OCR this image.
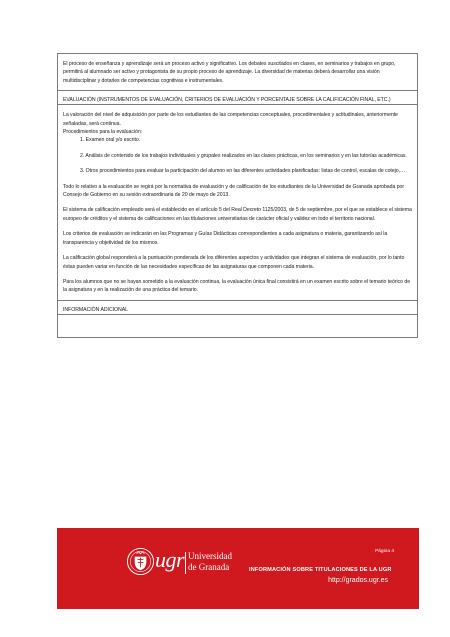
El proceso de enseñanza y aprendizaje será un proceso activo y significativo. Los debates suscitados en clases, en seminarios y trabajos en grupo, permitirá al alumnado ser activo y protagonista de su propio proceso de aprendizaje. La diversidad de materias deberá desarrollar una visión multidisciplinar y dotarles de competencias cognitivas e instrumentales.

EVALUACIÓN (INSTRUMENTOS DE EVALUACIÓN, CRITERIOS DE EVALUACIÓN Y PORCENTAJE SOBRE LA CALIFICACIÓN FINAL, ETC.)

La valoración del nivel de adquisición por parte de los estudiantes de las competencias conceptuales, procedimentales y actitudinales, anteriormente señaladas, será continua.

Procedimientos para la evaluación:

1. Examen oral y/o escrito.

2. Análisis de contenido de los trabajos individuales y grupales realizados en las clases prácticas, en los seminarios y en las tutorías académicas.

3. Otros procedimientos para evaluar la participación del alumno en las diferentes actividades planificadas: listas de control, escalas de cotejo,…

Todo lo relativo a la evaluación se regirá por la normativa de evaluación y de calificación de los estudiantes de la Universidad de Granada aprobada por Consejo de Gobierno en su sesión extraordinaria de 20 de mayo de 2013.

El sistema de calificación empleado será el establecido en el artículo 5 del Real Decreto 1125/2003, de 5 de septiembre, por el que se establece el sistema europeo de créditos y el sistema de calificaciones en las titulaciones universitarias de carácter oficial y validez en todo el territorio nacional.

Los criterios de evaluación se indicarán en las Programas y Guías Didácticas correspondientes a cada asignatura o materia, garantizando así la transparencia y objetividad de los mismos.

La calificación global responderá a la puntuación ponderada de los diferentes aspectos y actividades que integran el sistema de evaluación, por lo tanto éstas pueden variar en función de las necesidades específicas de las asignaturas que componen cada materia.

Para los alumnos que no se hayan sometido a la evaluación continua, la evaluación única final consistirá en un examen escrito sobre el temario teórico de la asignatura y en la realización de una práctica del temario.

INFORMACIÓN ADICIONAL
Página 4
ugr Universidad
de Granada	INFORMACIÓN SOBRE TITULACIONES DE LA UGR
http://grados.ugr.es
